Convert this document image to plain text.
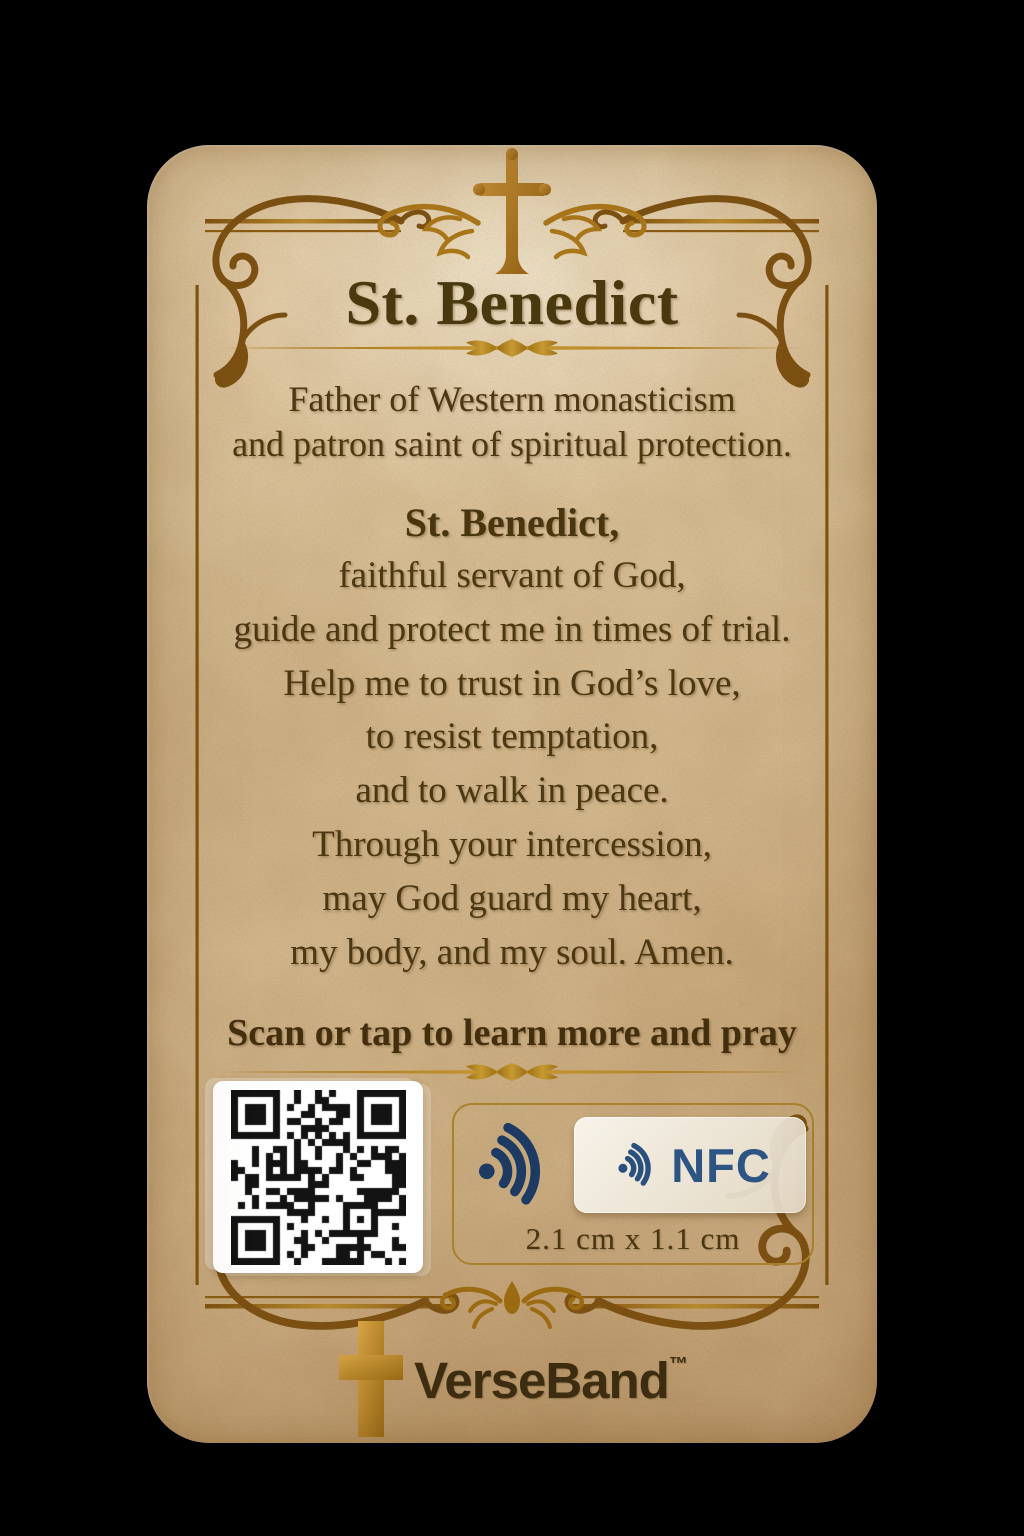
St. Benedict
Father of Western monasticism
and patron saint of spiritual protection.
St. Benedict,
faithful servant of God,
guide and protect me in times of trial.
Help me to trust in God’s love,
to resist temptation,
and to walk in peace.
Through your intercession,
may God guard my heart,
my body, and my soul. Amen.
Scan or tap to learn more and pray
NFC
2.1 cm x 1.1 cm
VerseBand™
